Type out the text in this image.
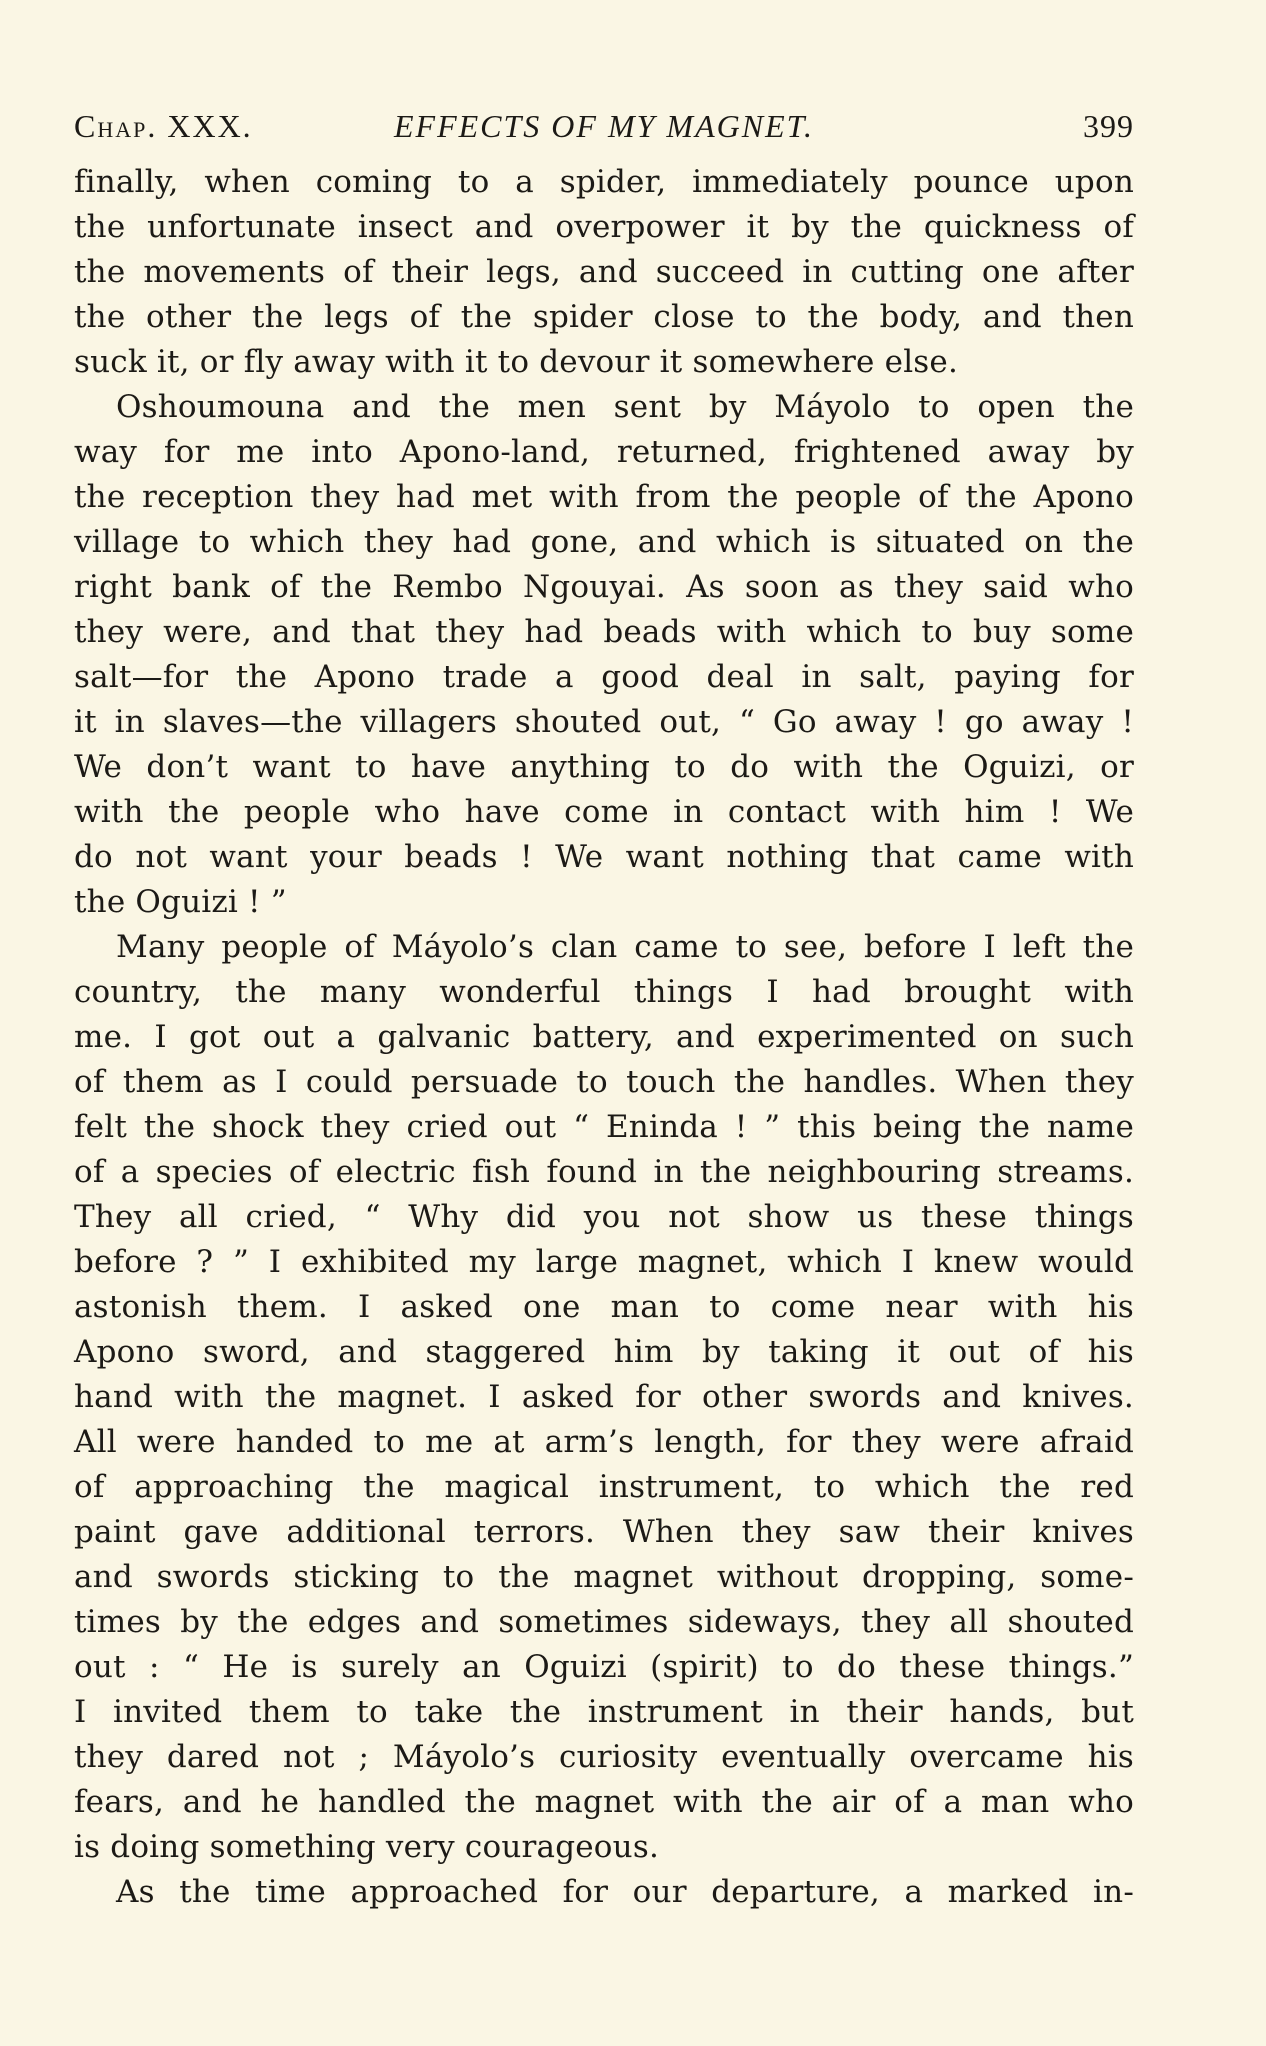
Chap. XXX.	EFFECTS OF MY MAGNET.	399
finally, when coming to a spider, immediately pounce upon
the unfortunate insect and overpower it by the quickness of
the movements of their legs, and succeed in cutting one after
the other the legs of the spider close to the body, and then
suck it, or fly away with it to devour it somewhere else.
Oshoumouna and the men sent by Máyolo to open the
way for me into Apono-land, returned, frightened away by
the reception they had met with from the people of the Apono
village to which they had gone, and which is situated on the
right bank of the Rembo Ngouyai. As soon as they said who
they were, and that they had beads with which to buy some
salt—for the Apono trade a good deal in salt, paying for
it in slaves—the villagers shouted out, “ Go away ! go away !
We don’t want to have anything to do with the Oguizi, or
with the people who have come in contact with him ! We
do not want your beads ! We want nothing that came with
the Oguizi ! ”
Many people of Máyolo’s clan came to see, before I left the
country, the many wonderful things I had brought with
me. I got out a galvanic battery, and experimented on such
of them as I could persuade to touch the handles. When they
felt the shock they cried out “ Eninda ! ” this being the name
of a species of electric fish found in the neighbouring streams.
They all cried, “ Why did you not show us these things
before ? ” I exhibited my large magnet, which I knew would
astonish them. I asked one man to come near with his
Apono sword, and staggered him by taking it out of his
hand with the magnet. I asked for other swords and knives.
All were handed to me at arm’s length, for they were afraid
of approaching the magical instrument, to which the red
paint gave additional terrors. When they saw their knives
and swords sticking to the magnet without dropping, some-
times by the edges and sometimes sideways, they all shouted
out : “ He is surely an Oguizi (spirit) to do these things.”
I invited them to take the instrument in their hands, but
they dared not ; Máyolo’s curiosity eventually overcame his
fears, and he handled the magnet with the air of a man who
is doing something very courageous.
As the time approached for our departure, a marked in-
